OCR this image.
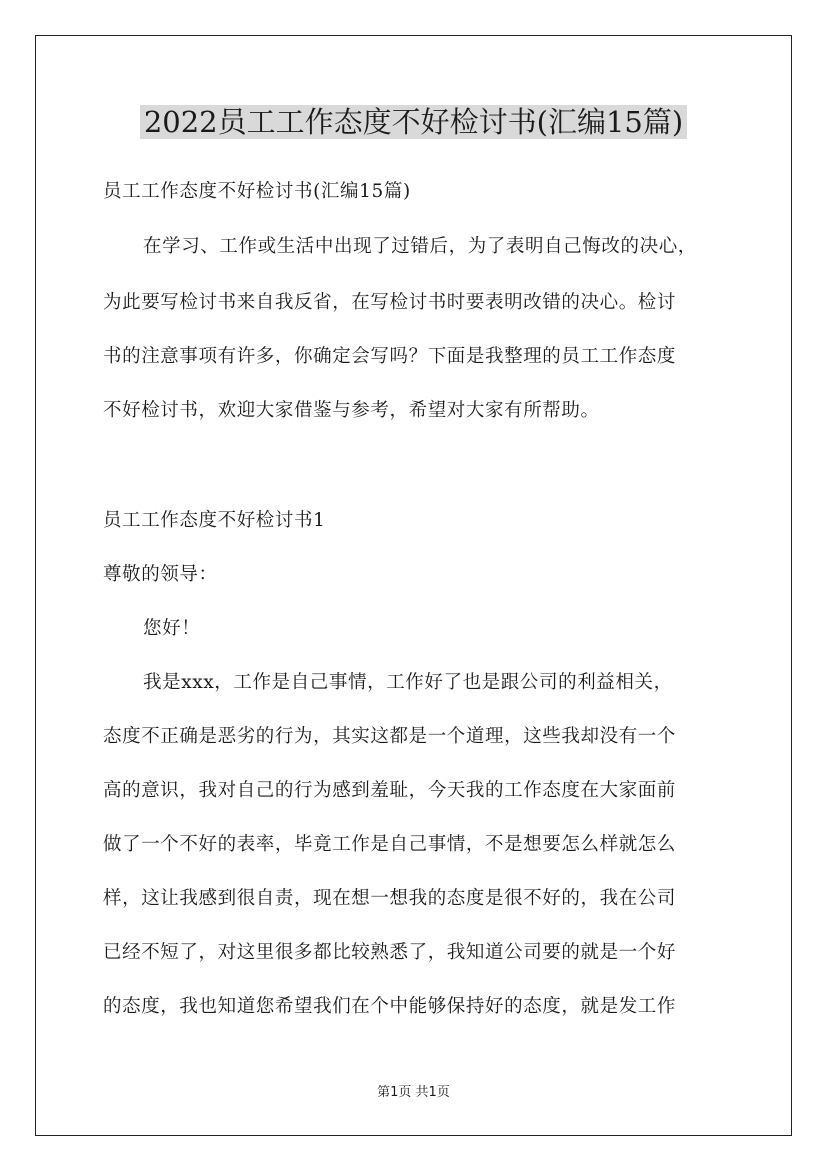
2022员工工作态度不好检讨书(汇编15篇)
员工工作态度不好检讨书(汇编15篇)
在学习、工作或生活中出现了过错后，为了表明自己悔改的决心，
为此要写检讨书来自我反省，在写检讨书时要表明改错的决心。检讨
书的注意事项有许多，你确定会写吗？下面是我整理的员工工作态度
不好检讨书，欢迎大家借鉴与参考，希望对大家有所帮助。
员工工作态度不好检讨书1
尊敬的领导：
您好！
我是xxx，工作是自己事情，工作好了也是跟公司的利益相关，
态度不正确是恶劣的行为，其实这都是一个道理，这些我却没有一个
高的意识，我对自己的行为感到羞耻，今天我的工作态度在大家面前
做了一个不好的表率，毕竟工作是自己事情，不是想要怎么样就怎么
样，这让我感到很自责，现在想一想我的态度是很不好的，我在公司
已经不短了，对这里很多都比较熟悉了，我知道公司要的就是一个好
的态度，我也知道您希望我们在个中能够保持好的态度，就是发工作
第1页 共1页
